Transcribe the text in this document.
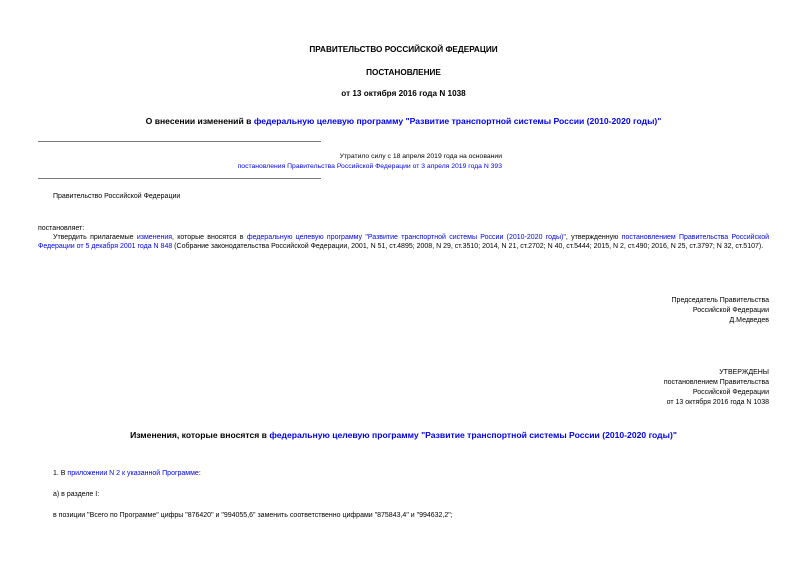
ПРАВИТЕЛЬСТВО РОССИЙСКОЙ ФЕДЕРАЦИИ
ПОСТАНОВЛЕНИЕ
от 13 октября 2016 года N 1038
О внесении изменений в федеральную целевую программу "Развитие транспортной системы России (2010-2020 годы)"
Утратило силу с 18 апреля 2019 года на основании
постановления Правительства Российской Федерации от 3 апреля 2019 года N 393
Правительство Российской Федерации
постановляет:
Утвердить прилагаемые изменения, которые вносятся в федеральную целевую программу "Развитие транспортной системы России (2010-2020 годы)", утвержденную постановлением Правительства Российской Федерации от 5 декабря 2001 года N 848 (Собрание законодательства Российской Федерации, 2001, N 51, ст.4895; 2008, N 29, ст.3510; 2014, N 21, ст.2702; N 40, ст.5444; 2015, N 2, ст.490; 2016, N 25, ст.3797; N 32, ст.5107).
Председатель Правительства
Российской Федерации
Д.Медведев
УТВЕРЖДЕНЫ
постановлением Правительства
Российской Федерации
от 13 октября 2016 года N 1038
Изменения, которые вносятся в федеральную целевую программу "Развитие транспортной системы России (2010-2020 годы)"
1. В приложении N 2 к указанной Программе:
а) в разделе I:
в позиции "Всего по Программе" цифры "876420" и "994055,6" заменить соответственно цифрами "875843,4" и "994632,2";
